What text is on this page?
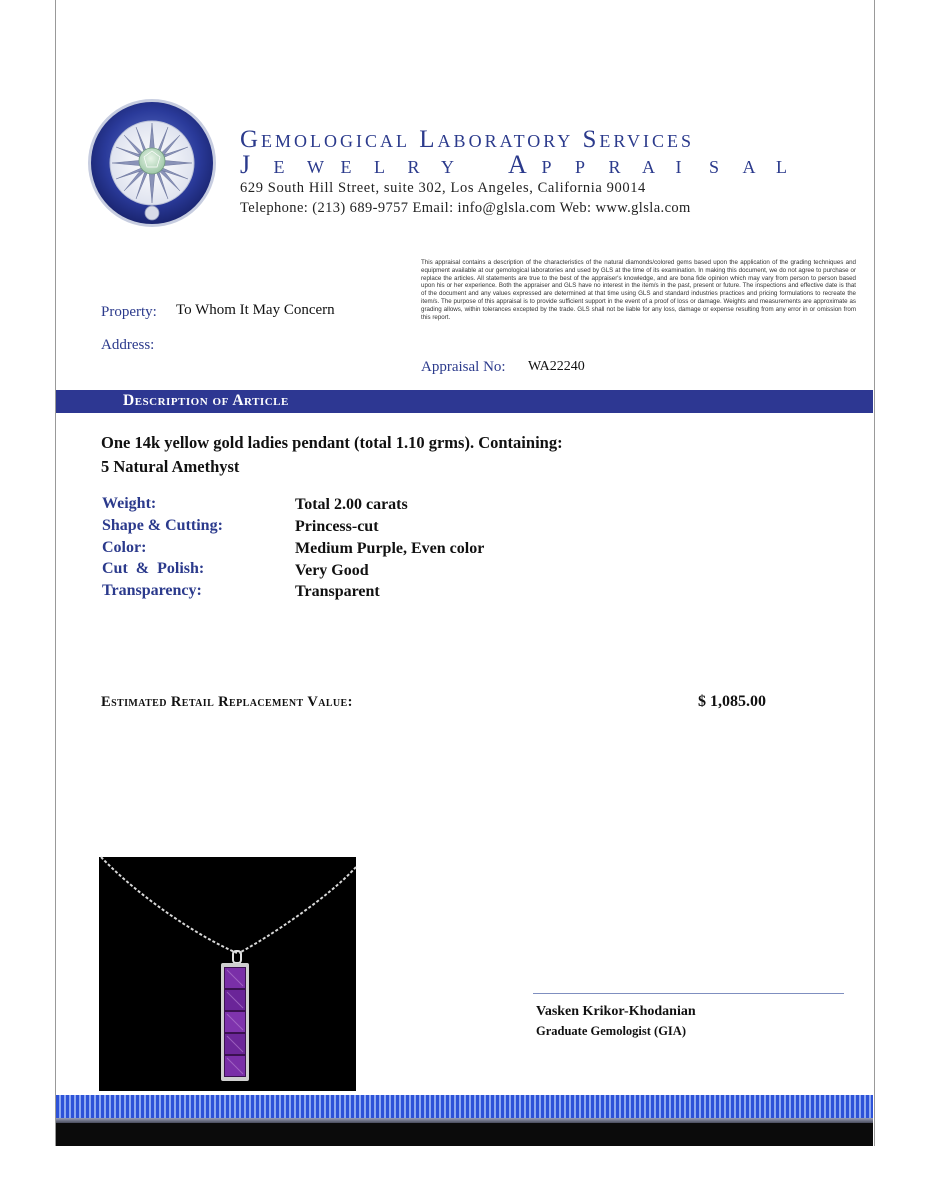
GEMOLOGICAL LABORATORY SERVICES
Gemological Laboratory Services
J e w e l r y A p p r a i s a l
629 South Hill Street, suite 302, Los Angeles, California 90014
Telephone: (213) 689-9757 Email: info@glsla.com Web: www.glsla.com
This appraisal contains a description of the characteristics of the natural diamonds/colored gems based upon the application of the grading techniques and equipment available at our gemological laboratories and used by GLS at the time of its examination. In making this document, we do not agree to purchase or replace the articles. All statements are true to the best of the appraiser's knowledge, and are bona fide opinion which may vary from person to person based upon his or her experience. Both the appraiser and GLS have no interest in the item/s in the past, present or future. The inspections and effective date is that of the document and any values expressed are determined at that time using GLS and standard industries practices and pricing formulations to recreate the item/s. The purpose of this appraisal is to provide sufficient support in the event of a proof of loss or damage. Weights and measurements are approximate as grading allows, within tolerances excepted by the trade. GLS shall not be liable for any loss, damage or expense resulting from any error in or omission from this report.
Property: To Whom It May Concern
Address:
Appraisal No: WA22240
Description of Article
One 14k yellow gold ladies pendant (total 1.10 grms). Containing:
5 Natural Amethyst
Weight:	Total 2.00 carats
Shape & Cutting:	Princess-cut
Color:	Medium Purple, Even color
Cut  &  Polish:	Very Good
Transparency:	Transparent
Estimated Retail Replacement Value:	$ 1,085.00
Vasken Krikor-Khodanian
Graduate Gemologist (GIA)
